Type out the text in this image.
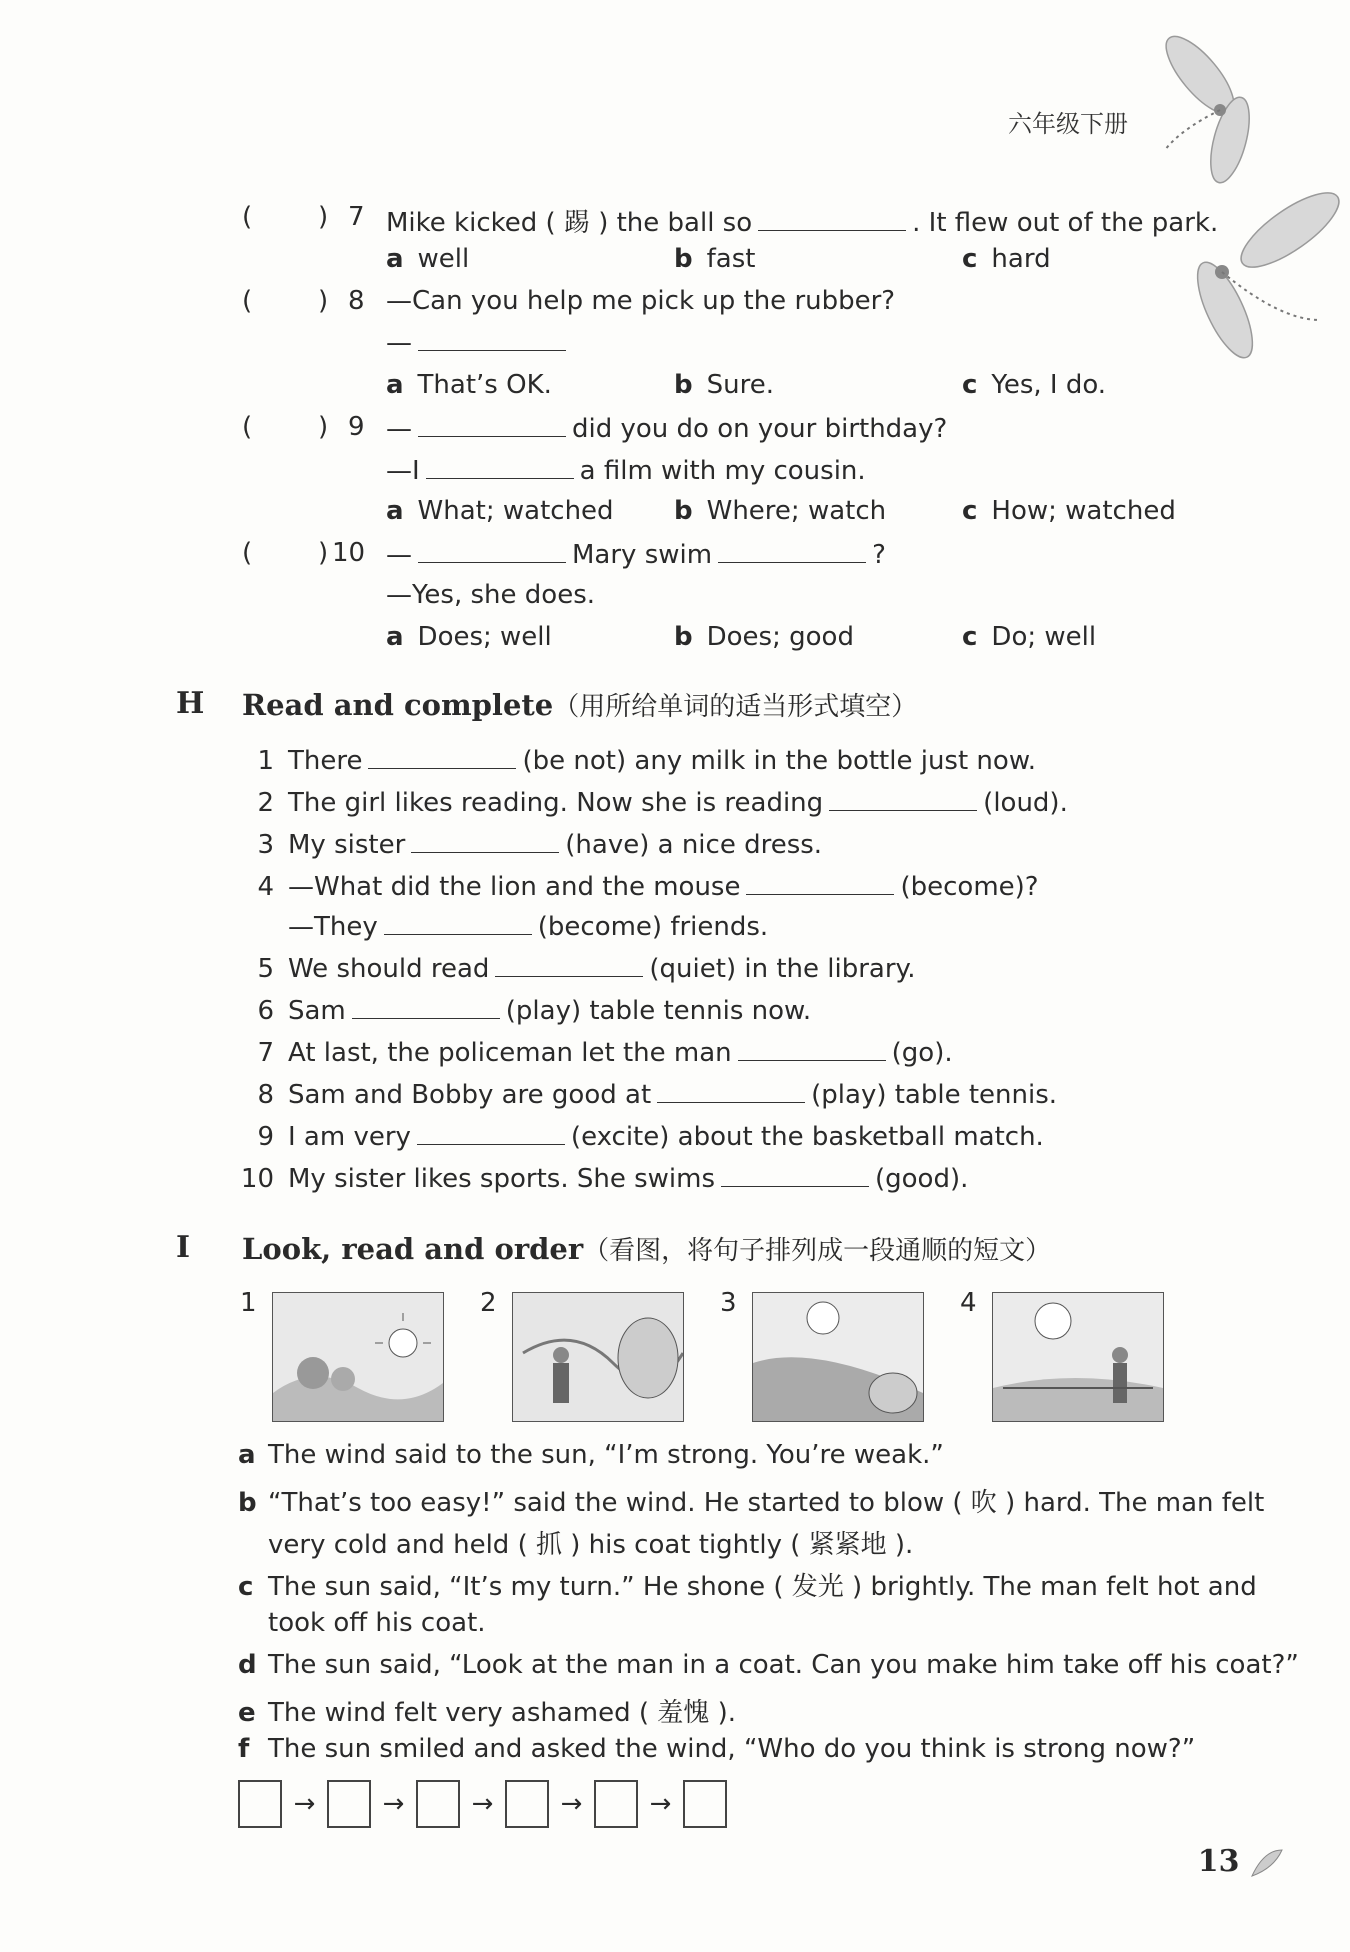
六年级下册
(	) 7 Mike kicked ( 踢 ) the ball so	. It flew out of the park.
a well	b fast	c hard
(	) 8 —Can you help me pick up the rubber?
—
a That’s OK.	b Sure.	c Yes, I do.
(	) 9 —	did you do on your birthday?
—I	a film with my cousin.
a What; watched b Where; watch	c How; watched
(	) 10 —	Mary swim	?
—Yes, she does.
a Does; well	b Does; good	c Do; well
H Read and complete（用所给单词的适当形式填空）
1 There	(be not) any milk in the bottle just now.
2 The girl likes reading. Now she is reading	(loud).
3 My sister	(have) a nice dress.
4 —What did the lion and the mouse	(become)?
—They	(become) friends.
5 We should read	(quiet) in the library.
6 Sam	(play) table tennis now.
7 At last, the policeman let the man	(go).
8 Sam and Bobby are good at	(play) table tennis.
9 I am very	(excite) about the basketball match.
10 My sister likes sports. She swims	(good).
I Look, read and order（看图，将句子排列成一段通顺的短文）
1	2	3	4
a The wind said to the sun, “I’m strong. You’re weak.”
b “That’s too easy!” said the wind. He started to blow ( 吹 ) hard. The man felt
very cold and held ( 抓 ) his coat tightly ( 紧紧地 ).
c The sun said, “It’s my turn.” He shone ( 发光 ) brightly. The man felt hot and
took off his coat.
d The sun said, “Look at the man in a coat. Can you make him take off his coat?”
e The wind felt very ashamed ( 羞愧 ).
f The sun smiled and asked the wind, “Who do you think is strong now?”
→	→	→	→	→
13
